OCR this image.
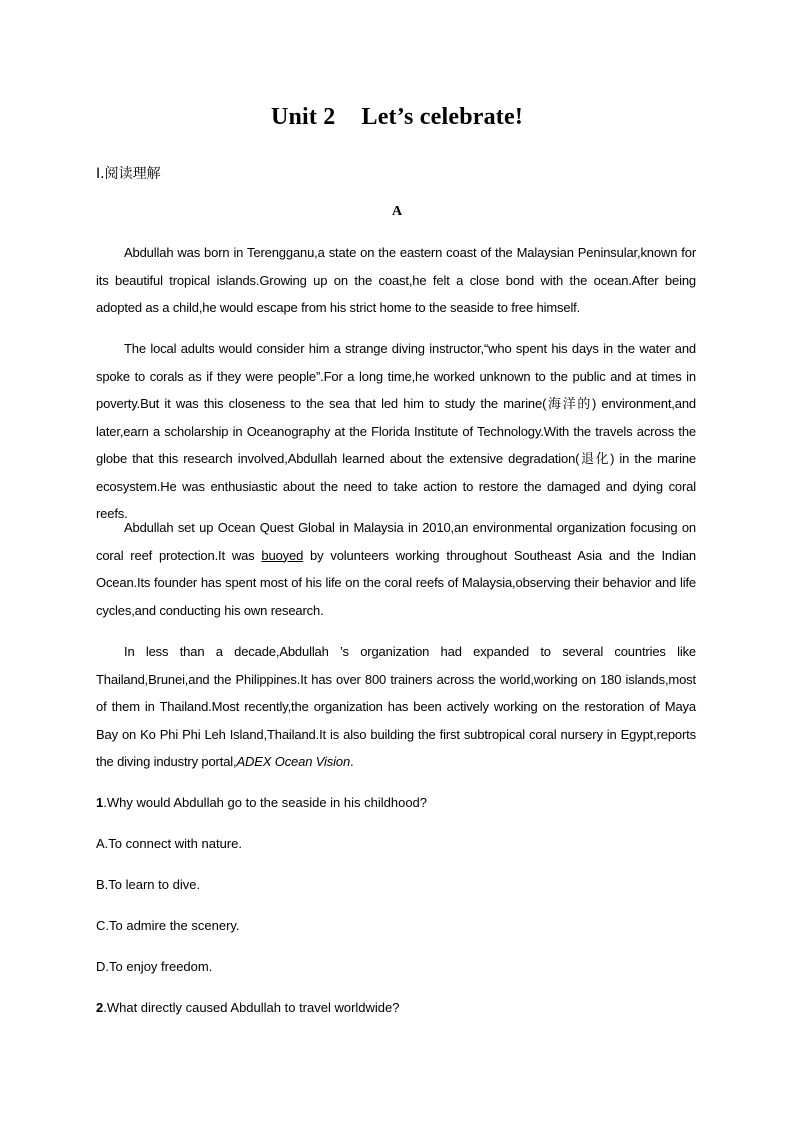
Unit 2 Let’s celebrate!
Ⅰ.阅读理解
A

Abdullah was born in Terengganu,a state on the eastern coast of the Malaysian Peninsular,known for its beautiful tropical islands.Growing up on the coast,he felt a close bond with the ocean.After being adopted as a child,he would escape from his strict home to the seaside to free himself.

The local adults would consider him a strange diving instructor,“who spent his days in the water and spoke to corals as if they were people”.For a long time,he worked unknown to the public and at times in poverty.But it was this closeness to the sea that led him to study the marine(海洋的) environment,and later,earn a scholarship in Oceanography at the Florida Institute of Technology.With the travels across the globe that this research involved,Abdullah learned about the extensive degradation(退化) in the marine ecosystem.He was enthusiastic about the need to take action to restore the damaged and dying coral reefs.

Abdullah set up Ocean Quest Global in Malaysia in 2010,an environmental organization focusing on coral reef protection.It was buoyed by volunteers working throughout Southeast Asia and the Indian Ocean.Its founder has spent most of his life on the coral reefs of Malaysia,observing their behavior and life cycles,and conducting his own research.

In less than a decade,Abdullah ’s organization had expanded to several countries like Thailand,Brunei,and the Philippines.It has over 800 trainers across the world,working on 180 islands,most of them in Thailand.Most recently,the organization has been actively working on the restoration of Maya Bay on Ko Phi Phi Leh Island,Thailand.It is also building the first subtropical coral nursery in Egypt,reports the diving industry portal,ADEX Ocean Vision.

1.Why would Abdullah go to the seaside in his childhood?
A.To connect with nature.
B.To learn to dive.
C.To admire the scenery.
D.To enjoy freedom.
2.What directly caused Abdullah to travel worldwide?
